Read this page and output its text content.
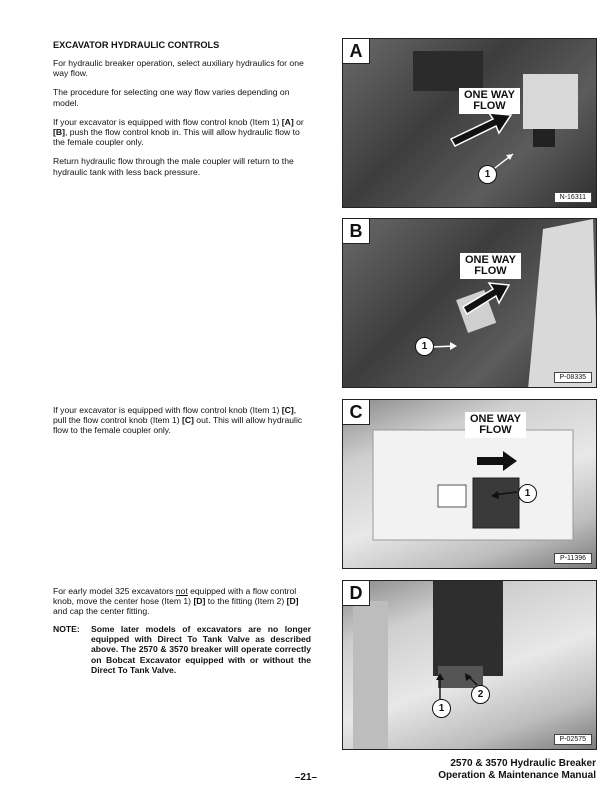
EXCAVATOR HYDRAULIC CONTROLS

For hydraulic breaker operation, select auxiliary hydraulics for one way flow.

The procedure for selecting one way flow varies depending on model.

If your excavator is equipped with flow control knob (Item 1) [A] or [B], push the flow control knob in. This will allow hydraulic flow to the female coupler only.

Return hydraulic flow through the male coupler will return to the hydraulic tank with less back pressure.

If your excavator is equipped with flow control knob (Item 1) [C], pull the flow control knob (Item 1) [C] out. This will allow hydraulic flow to the female coupler only.
For early model 325 excavators not equipped with a flow control knob, move the center hose (Item 1) [D] to the fitting (Item 2) [D] and cap the center fitting.
NOTE: Some later models of excavators are no longer equipped with Direct To Tank Valve as described above. The 2570 & 3570 breaker will operate correctly on Bobcat Excavator equipped with or without the Direct To Tank Valve.
A
ONE WAY
FLOW
1
N-16311
B
ONE WAY
FLOW
1
P-08335
C	ONE WAY
FLOW
1
P-11396
D
1
2
P-02575
–21–
2570 & 3570 Hydraulic Breaker
Operation & Maintenance Manual
